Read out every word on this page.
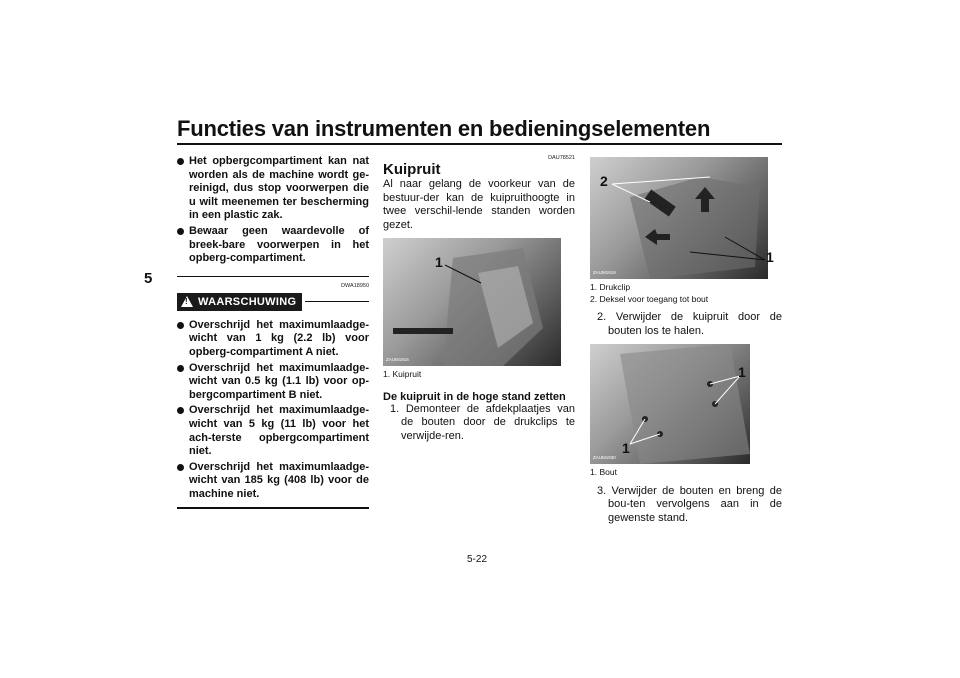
Functies van instrumenten en bedieningselementen
5
Het opbergcompartiment kan nat worden als de machine wordt ge-reinigd, dus stop voorwerpen die u wilt meenemen ter bescherming in een plastic zak.
Bewaar geen waardevolle of breek-bare voorwerpen in het opberg-compartiment.
DWA18950
! WAARSCHUWING
Overschrijd het maximumlaadge-wicht van 1 kg (2.2 lb) voor opberg-compartiment A niet.
Overschrijd het maximumlaadge-wicht van 0.5 kg (1.1 lb) voor op-bergcompartiment B niet.
Overschrijd het maximumlaadge-wicht van 5 kg (11 lb) voor het ach-terste opbergcompartiment niet.
Overschrijd het maximumlaadge-wicht van 185 kg (408 lb) voor de machine niet.
DAU78521
Kuipruit

Al naar gelang de voorkeur van de bestuur-der kan de kuipruithoogte in twee verschil-lende standen worden gezet.

1
ZAUM1916
1. Kuipruit
De kuipruit in de hoge stand zetten
1. Demonteer de afdekplaatjes van de bouten door de drukclips te verwijde-ren.
2
1
ZAUM1919
1. Drukclip
2. Deksel voor toegang tot bout
2. Verwijder de kuipruit door de bouten los te halen.
1
1
ZAUM1930
1. Bout
3. Verwijder de bouten en breng de bou-ten vervolgens aan in de gewenste stand.
5-22
